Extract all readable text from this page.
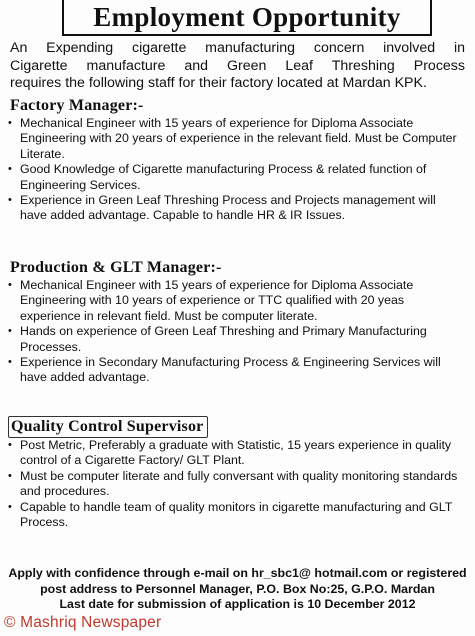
Employment Opportunity
An Expending cigarette manufacturing concern involved in
Cigarette manufacture and Green Leaf Threshing Process
requires the following staff for their factory located at Mardan KPK.
Factory Manager:-
• Mechanical Engineer with 15 years of experience for Diploma Associate Engineering with 20 years of experience in the relevant field. Must be Computer Literate.
• Good Knowledge of Cigarette manufacturing Process & related function of Engineering Services.
• Experience in Green Leaf Threshing Process and Projects management will have added advantage. Capable to handle HR & IR Issues.
Production & GLT Manager:-
• Mechanical Engineer with 15 years of experience for Diploma Associate Engineering with 10 years of experience or TTC qualified with 20 yeas experience in relevant field. Must be computer literate.
• Hands on experience of Green Leaf Threshing and Primary Manufacturing Processes.
• Experience in Secondary Manufacturing Process & Engineering Services will have added advantage.
Quality Control Supervisor
• Post Metric, Preferably a graduate with Statistic, 15 years experience in quality control of a Cigarette Factory/ GLT Plant.
• Must be computer literate and fully conversant with quality monitoring standards and procedures.
• Capable to handle team of quality monitors in cigarette manufacturing and GLT Process.
Apply with confidence through e-mail on hr_sbc1@ hotmail.com or registered
post address to Personnel Manager, P.O. Box No:25, G.P.O. Mardan
Last date for submission of application is 10 December 2012
© Mashriq Newspaper
